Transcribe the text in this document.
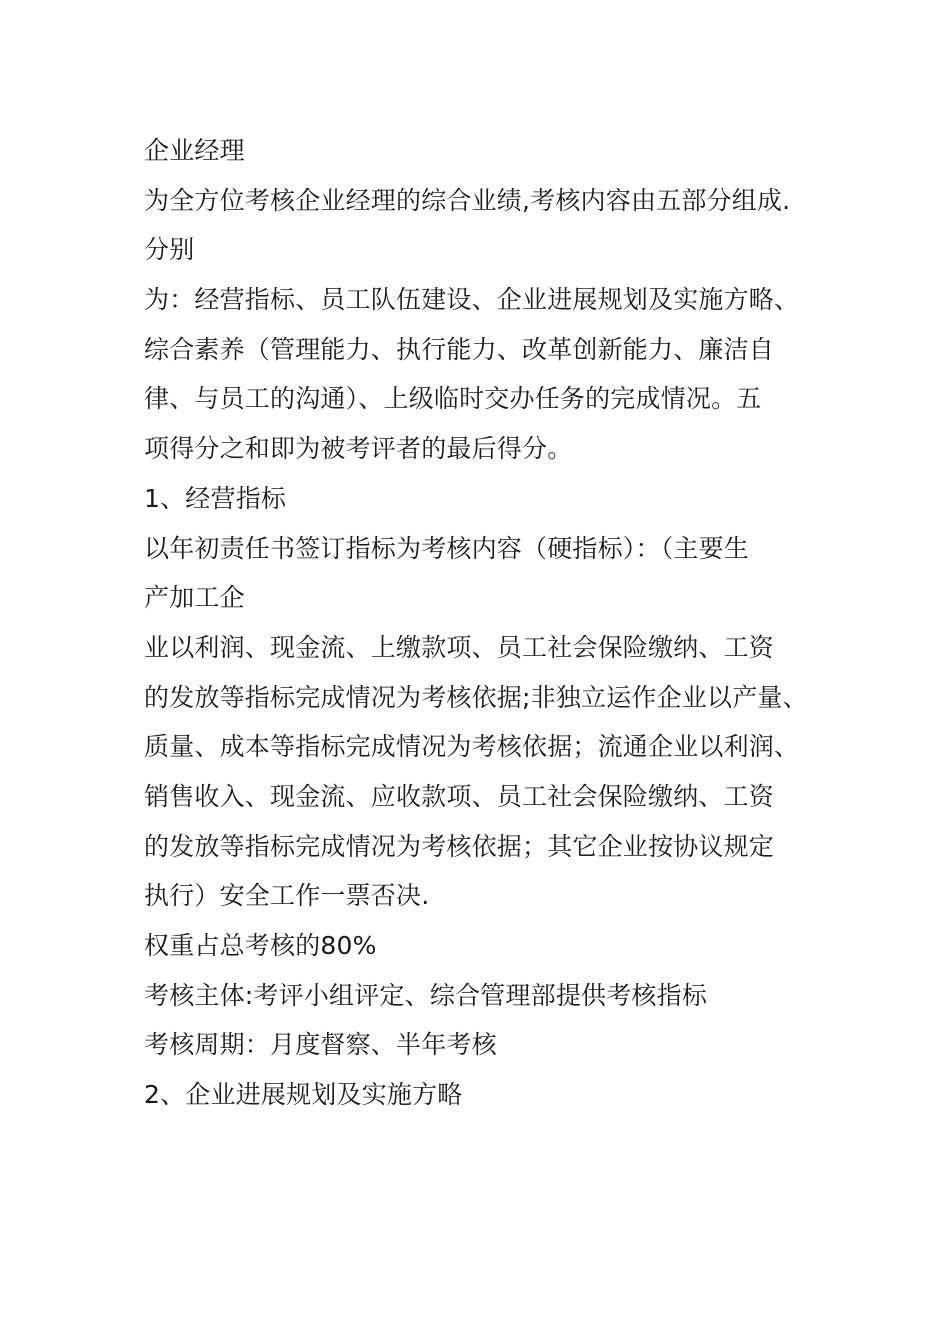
企业经理
为全方位考核企业经理的综合业绩,考核内容由五部分组成.
分别
为：经营指标、员工队伍建设、企业进展规划及实施方略、
综合素养（管理能力、执行能力、改革创新能力、廉洁自
律、与员工的沟通）、上级临时交办任务的完成情况。五
项得分之和即为被考评者的最后得分。
1、经营指标
以年初责任书签订指标为考核内容（硬指标）：（主要生
产加工企
业以利润、现金流、上缴款项、员工社会保险缴纳、工资
的发放等指标完成情况为考核依据;非独立运作企业以产量、
质量、成本等指标完成情况为考核依据；流通企业以利润、
销售收入、现金流、应收款项、员工社会保险缴纳、工资
的发放等指标完成情况为考核依据；其它企业按协议规定
执行）安全工作一票否决.
权重占总考核的80%
考核主体:考评小组评定、综合管理部提供考核指标
考核周期：月度督察、半年考核
2、企业进展规划及实施方略
